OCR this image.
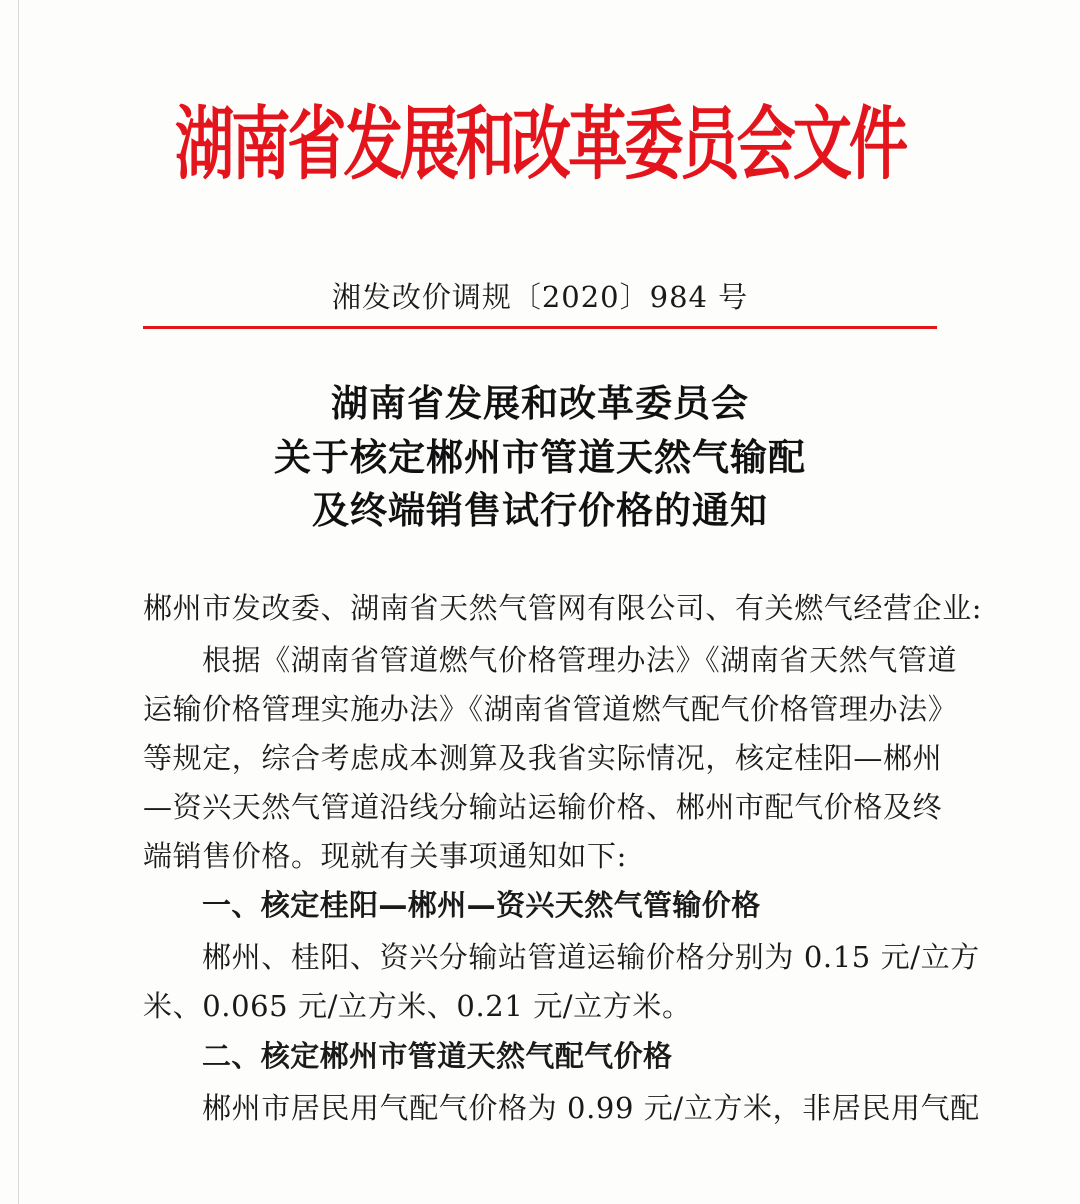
湖南省发展和改革委员会文件
湘发改价调规〔2020〕984 号
湖南省发展和改革委员会
关于核定郴州市管道天然气输配
及终端销售试行价格的通知
郴州市发改委、湖南省天然气管网有限公司、有关燃气经营企业:
根据《湖南省管道燃气价格管理办法》《湖南省天然气管道
运输价格管理实施办法》《湖南省管道燃气配气价格管理办法》
等规定，综合考虑成本测算及我省实际情况，核定桂阳—郴州
—资兴天然气管道沿线分输站运输价格、郴州市配气价格及终
端销售价格。现就有关事项通知如下:
一、核定桂阳—郴州—资兴天然气管输价格
郴州、桂阳、资兴分输站管道运输价格分别为 0.15 元/立方
米、0.065 元/立方米、0.21 元/立方米。
二、核定郴州市管道天然气配气价格
郴州市居民用气配气价格为 0.99 元/立方米，非居民用气配
